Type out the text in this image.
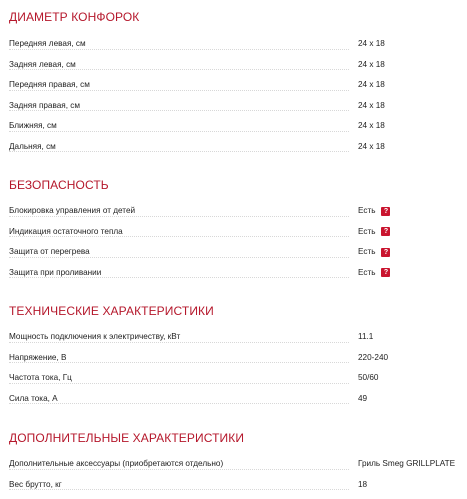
ДИАМЕТР КОНФОРОК
Передняя левая, см	24 x 18
Задняя левая, см	24 x 18
Передняя правая, см	24 x 18
Задняя правая, см	24 x 18
Ближняя, см	24 x 18
Дальняя, см	24 x 18
БЕЗОПАСНОСТЬ
Блокировка управления от детей	Есть	?
Индикация остаточного тепла	Есть	?
Защита от перегрева	Есть	?
Защита при проливании	Есть	?
ТЕХНИЧЕСКИЕ ХАРАКТЕРИСТИКИ
Мощность подключения к электричеству, кВт	11.1
Напряжение, В	220-240
Частота тока, Гц	50/60
Сила тока, А	49
ДОПОЛНИТЕЛЬНЫЕ ХАРАКТЕРИСТИКИ
Дополнительные аксессуары (приобретаются отдельно)	Гриль Smeg GRILLPLATE
Вес брутто, кг	18
